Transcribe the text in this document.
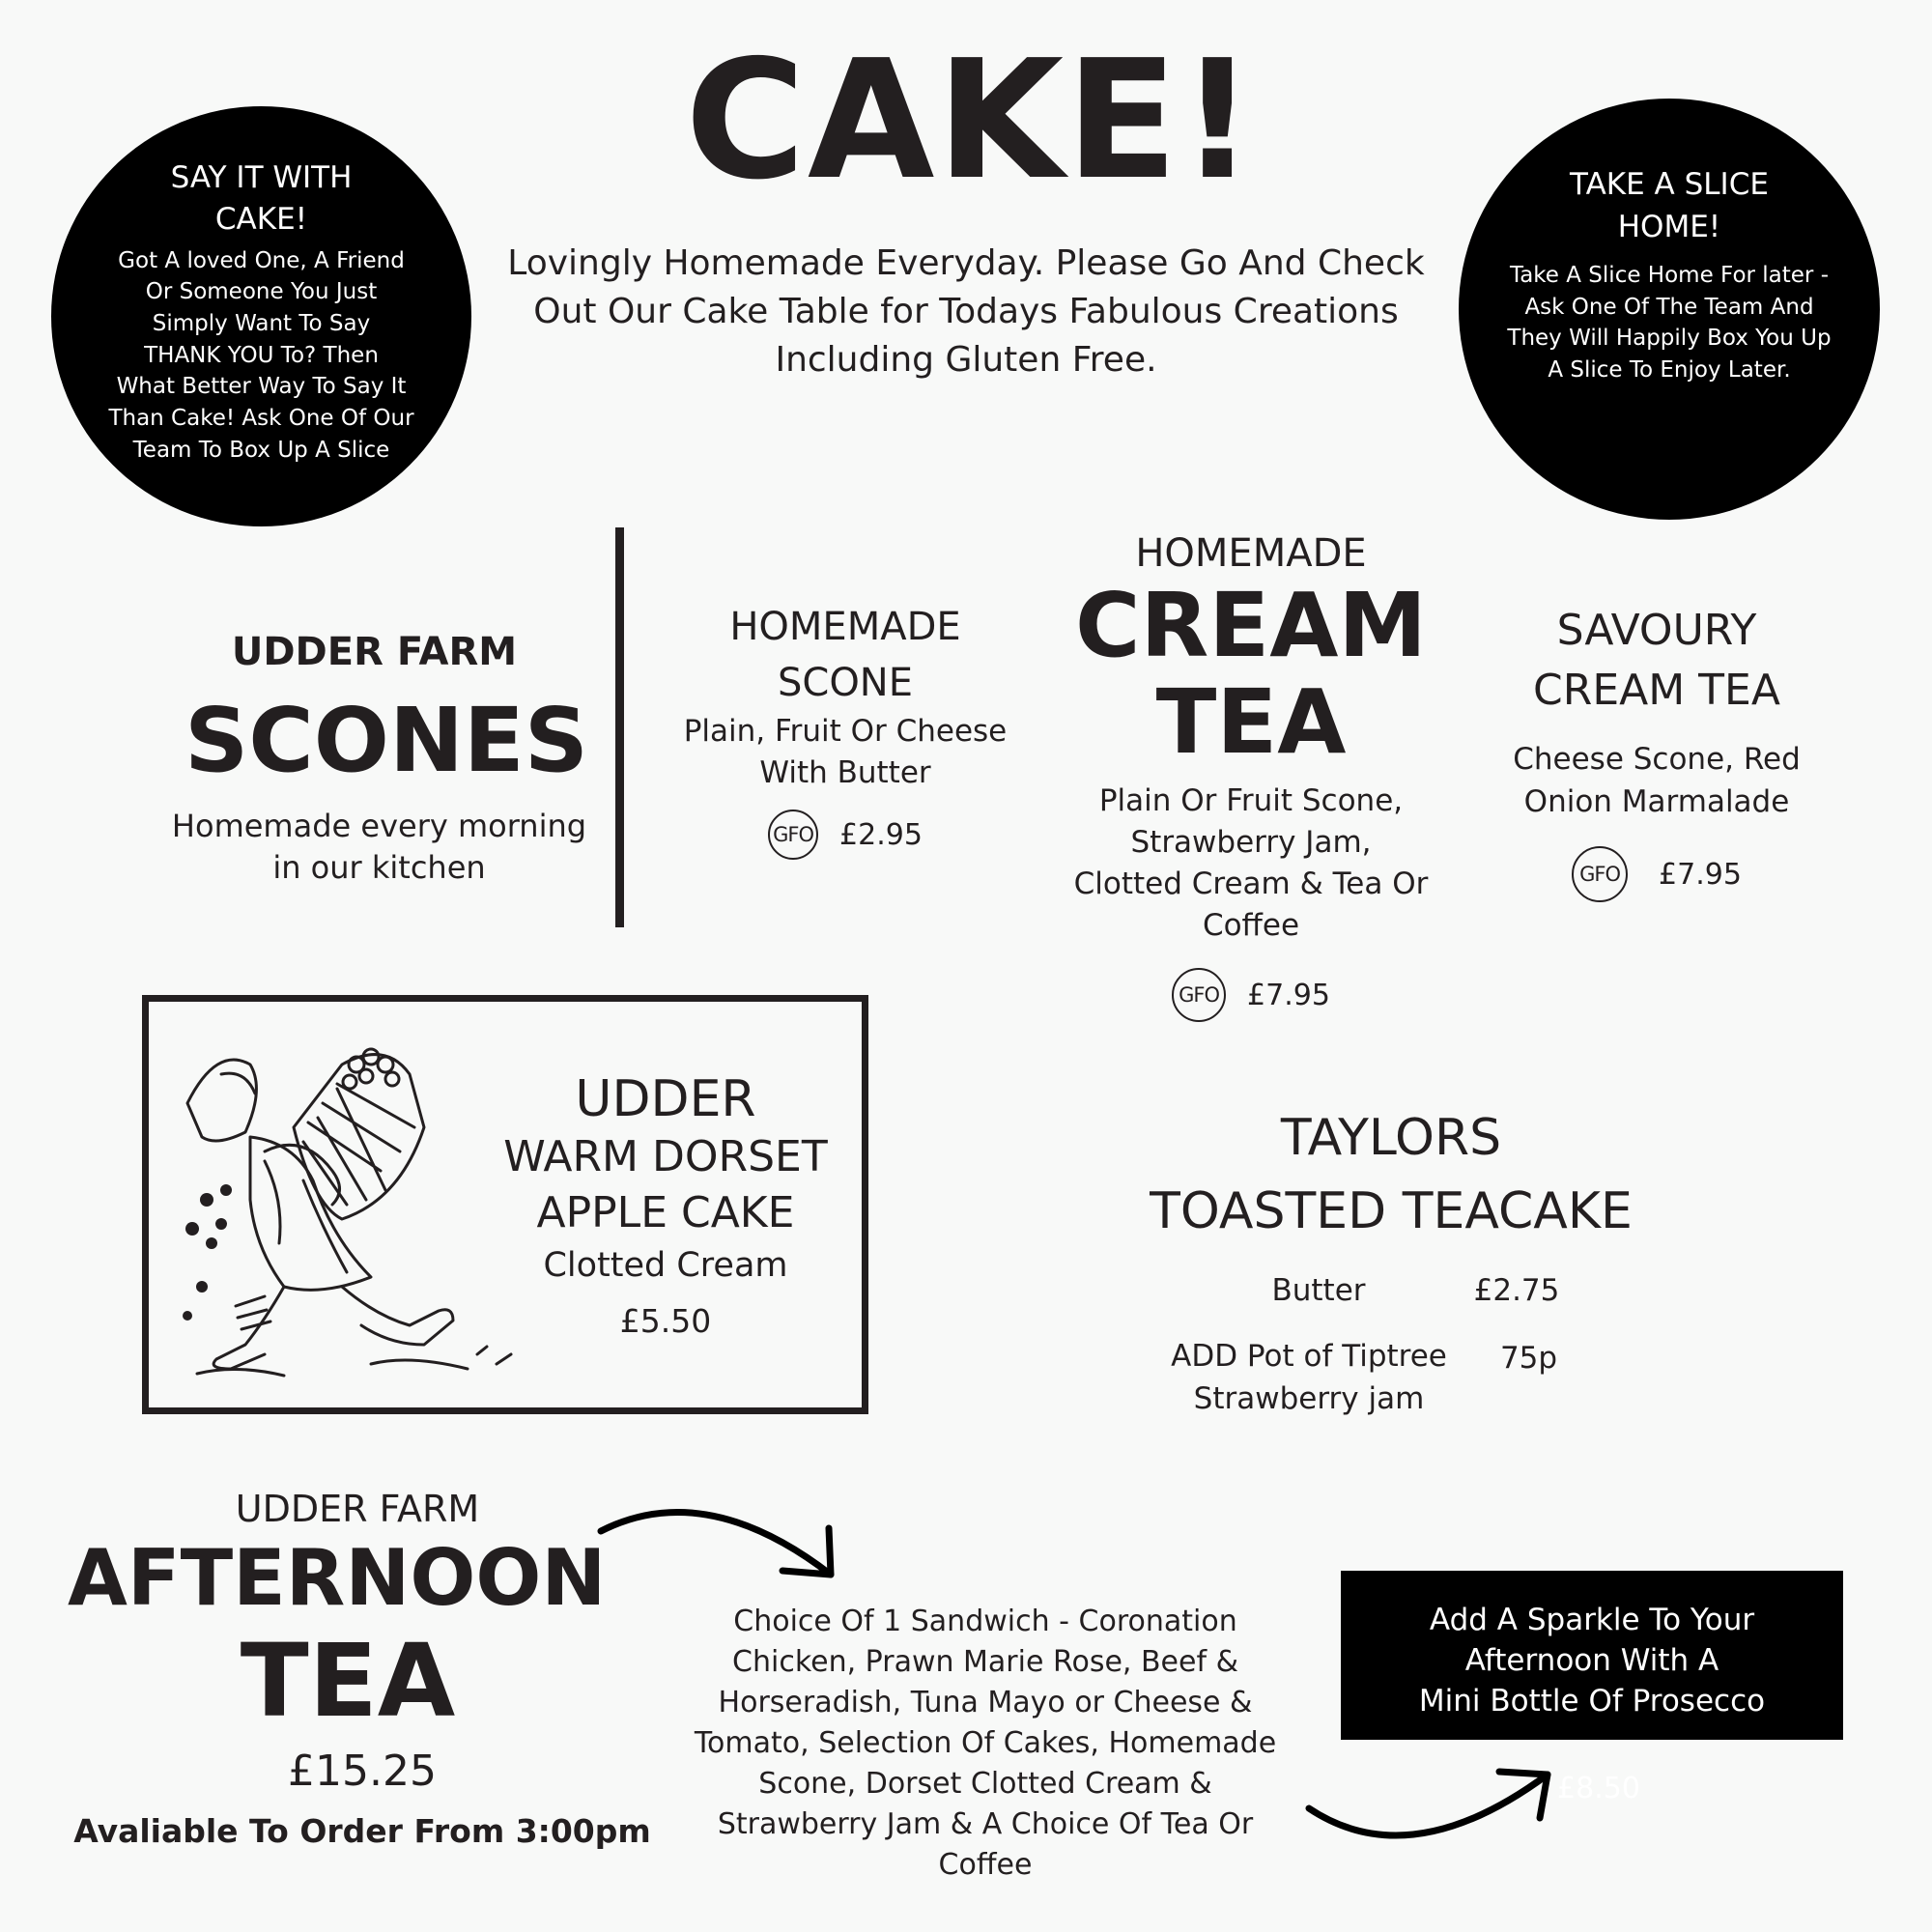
CAKE!
Lovingly Homemade Everyday. Please Go And Check
Out Our Cake Table for Todays Fabulous Creations
Including Gluten Free.
SAY IT WITH
CAKE!
Got A loved One, A Friend
Or Someone You Just
Simply Want To Say
THANK YOU To? Then
What Better Way To Say It
Than Cake! Ask One Of Our
Team To Box Up A Slice
TAKE A SLICE
HOME!
Take A Slice Home For later -
Ask One Of The Team And
They Will Happily Box You Up
A Slice To Enjoy Later.
UDDER FARM
SCONES
Homemade every morning
in our kitchen
HOMEMADE
SCONE
Plain, Fruit Or Cheese
With Butter
GFO £2.95
HOMEMADE
CREAM
TEA
Plain Or Fruit Scone,
Strawberry Jam,
Clotted Cream & Tea Or
Coffee
GFO £7.95
SAVOURY
CREAM TEA
Cheese Scone, Red
Onion Marmalade
GFO £7.95
UDDER
WARM DORSET
APPLE CAKE
Clotted Cream
£5.50
TAYLORS
TOASTED TEACAKE
Butter	£2.75
ADD Pot of Tiptree
Strawberry jam
75p
UDDER FARM
AFTERNOON
TEA
£15.25
Avaliable To Order From 3:00pm
Choice Of 1 Sandwich - Coronation
Chicken, Prawn Marie Rose, Beef &
Horseradish, Tuna Mayo or Cheese &
Tomato, Selection Of Cakes, Homemade
Scone, Dorset Clotted Cream &
Strawberry Jam & A Choice Of Tea Or
Coffee
Add A Sparkle To Your
Afternoon With A
Mini Bottle Of Prosecco
£8.50
